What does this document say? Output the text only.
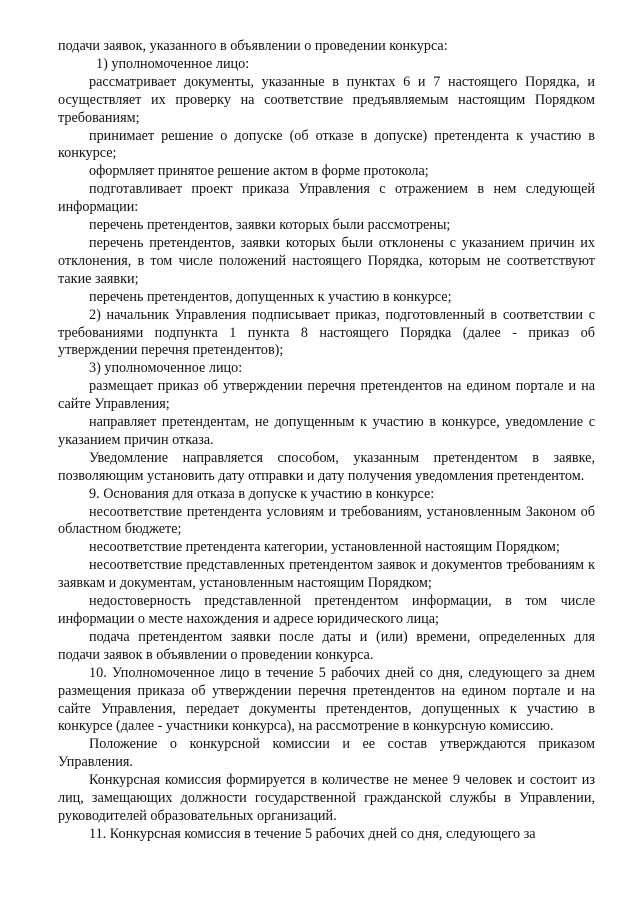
подачи заявок, указанного в объявлении о проведении конкурса:

1) уполномоченное лицо:

рассматривает документы, указанные в пунктах 6 и 7 настоящего Порядка, и осуществляет их проверку на соответствие предъявляемым настоящим Порядком требованиям;

принимает решение о допуске (об отказе в допуске) претендента к участию в конкурсе;

оформляет принятое решение актом в форме протокола;

подготавливает проект приказа Управления с отражением в нем следующей информации:

перечень претендентов, заявки которых были рассмотрены;

перечень претендентов, заявки которых были отклонены с указанием причин их отклонения, в том числе положений настоящего Порядка, которым не соответствуют такие заявки;

перечень претендентов, допущенных к участию в конкурсе;

2) начальник Управления подписывает приказ, подготовленный в соответствии с требованиями подпункта 1 пункта 8 настоящего Порядка (далее - приказ об утверждении перечня претендентов);

3) уполномоченное лицо:

размещает приказ об утверждении перечня претендентов на едином портале и на сайте Управления;

направляет претендентам, не допущенным к участию в конкурсе, уведомление с указанием причин отказа.

Уведомление направляется способом, указанным претендентом в заявке, позволяющим установить дату отправки и дату получения уведомления претендентом.

9. Основания для отказа в допуске к участию в конкурсе:

несоответствие претендента условиям и требованиям, установленным Законом об областном бюджете;

несоответствие претендента категории, установленной настоящим Порядком;

несоответствие представленных претендентом заявок и документов требованиям к заявкам и документам, установленным настоящим Порядком;

недостоверность представленной претендентом информации, в том числе информации о месте нахождения и адресе юридического лица;

подача претендентом заявки после даты и (или) времени, определенных для подачи заявок в объявлении о проведении конкурса.

10. Уполномоченное лицо в течение 5 рабочих дней со дня, следующего за днем размещения приказа об утверждении перечня претендентов на едином портале и на сайте Управления, передает документы претендентов, допущенных к участию в конкурсе (далее - участники конкурса), на рассмотрение в конкурсную комиссию.

Положение о конкурсной комиссии и ее состав утверждаются приказом Управления.

Конкурсная комиссия формируется в количестве не менее 9 человек и состоит из лиц, замещающих должности государственной гражданской службы в Управлении, руководителей образовательных организаций.

11. Конкурсная комиссия в течение 5 рабочих дней со дня, следующего за
